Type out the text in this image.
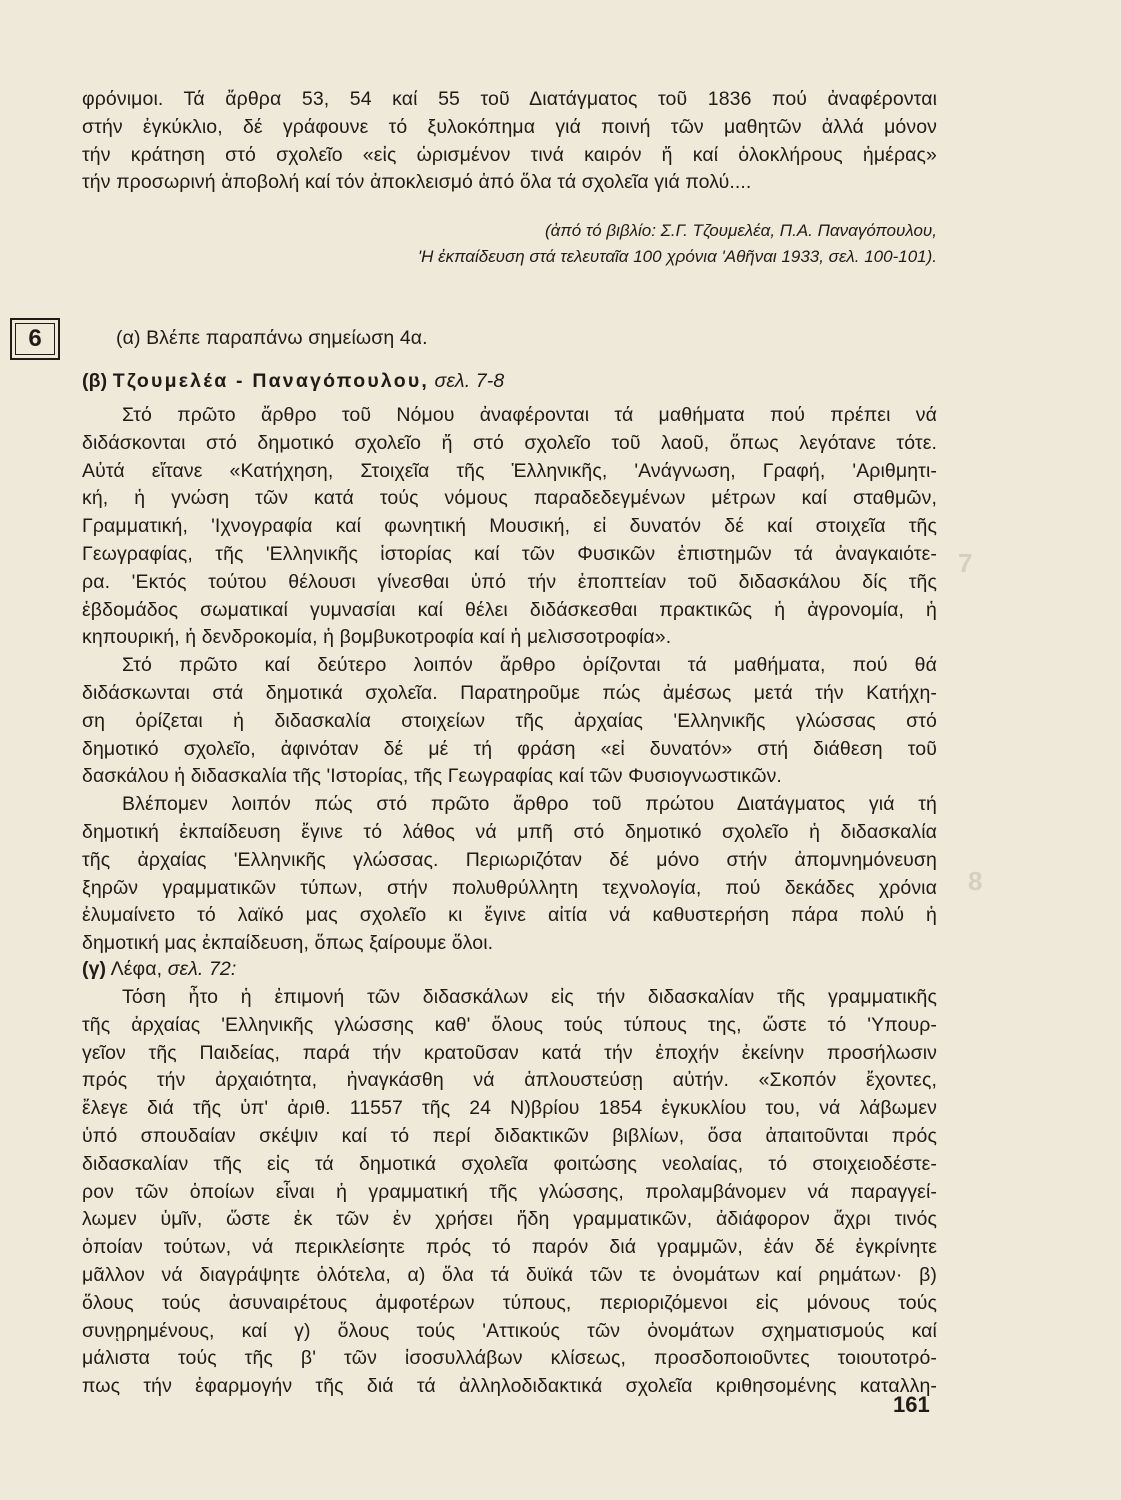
7
8
φρόνιμοι. Τά ἄρθρα 53, 54 καί 55 τοῦ Διατάγματος τοῦ 1836 πού ἀναφέρονται
στήν ἐγκύκλιο, δέ γράφουνε τό ξυλοκόπημα γιά ποινή τῶν μαθητῶν ἀλλά μόνον
τήν κράτηση στό σχολεῖο «εἰς ὡρισμένον τινά καιρόν ἤ καί ὁλοκλήρους ἡμέρας»
τήν προσωρινή ἀποβολή καί τόν ἀποκλεισμό ἀπό ὅλα τά σχολεῖα γιά πολύ....
(ἀπό τό βιβλίο: Σ.Γ. Τζουμελέα, Π.Α. Παναγόπουλου,
'Η ἐκπαίδευση στά τελευταῖα 100 χρόνια 'Αθῆναι 1933, σελ. 100-101).
6	(α) Βλέπε παραπάνω σημείωση 4α.
(β) Τζουμελέα - Παναγόπουλου, σελ. 7-8
Στό πρῶτο ἄρθρο τοῦ Νόμου ἀναφέρονται τά μαθήματα πού πρέπει νά
διδάσκονται στό δημοτικό σχολεῖο ἤ στό σχολεῖο τοῦ λαοῦ, ὅπως λεγότανε τότε.
Αὐτά εἴτανε «Κατήχηση, Στοιχεῖα τῆς Ἑλληνικῆς, 'Ανάγνωση, Γραφή, 'Αριθμητι-
κή, ἡ γνώση τῶν κατά τούς νόμους παραδεδεγμένων μέτρων καί σταθμῶν,
Γραμματική, 'Ιχνογραφία καί φωνητική Μουσική, εἰ δυνατόν δέ καί στοιχεῖα τῆς
Γεωγραφίας, τῆς 'Ελληνικῆς ἱστορίας καί τῶν Φυσικῶν ἐπιστημῶν τά ἀναγκαιότε-
ρα. 'Εκτός τούτου θέλουσι γίνεσθαι ὑπό τήν ἐποπτείαν τοῦ διδασκάλου δίς τῆς
ἑβδομάδος σωματικαί γυμνασίαι καί θέλει διδάσκεσθαι πρακτικῶς ἡ ἀγρονομία, ἡ
κηπουρική, ἡ δενδροκομία, ἡ βομβυκοτροφία καί ἡ μελισσοτροφία».
Στό πρῶτο καί δεύτερο λοιπόν ἄρθρο ὁρίζονται τά μαθήματα, πού θά
διδάσκωνται στά δημοτικά σχολεῖα. Παρατηροῦμε πώς ἀμέσως μετά τήν Κατήχη-
ση ὁρίζεται ἡ διδασκαλία στοιχείων τῆς ἀρχαίας 'Ελληνικῆς γλώσσας στό
δημοτικό σχολεῖο, ἀφινόταν δέ μέ τή φράση «εἰ δυνατόν» στή διάθεση τοῦ
δασκάλου ἡ διδασκαλία τῆς 'Ιστορίας, τῆς Γεωγραφίας καί τῶν Φυσιογνωστικῶν.
Βλέπομεν λοιπόν πώς στό πρῶτο ἄρθρο τοῦ πρώτου Διατάγματος γιά τή
δημοτική ἐκπαίδευση ἔγινε τό λάθος νά μπῆ στό δημοτικό σχολεῖο ἡ διδασκαλία
τῆς ἀρχαίας 'Ελληνικῆς γλώσσας. Περιωριζόταν δέ μόνο στήν ἀπομνημόνευση
ξηρῶν γραμματικῶν τύπων, στήν πολυθρύλλητη τεχνολογία, πού δεκάδες χρόνια
ἐλυμαίνετο τό λαϊκό μας σχολεῖο κι ἔγινε αἰτία νά καθυστερήση πάρα πολύ ἡ
δημοτική μας ἐκπαίδευση, ὅπως ξαίρουμε ὅλοι.
(γ) Λέφα, σελ. 72:
Τόση ἦτο ἡ ἐπιμονή τῶν διδασκάλων εἰς τήν διδασκαλίαν τῆς γραμματικῆς
τῆς ἀρχαίας 'Ελληνικῆς γλώσσης καθ' ὅλους τούς τύπους της, ὥστε τό 'Υπουρ-
γεῖον τῆς Παιδείας, παρά τήν κρατοῦσαν κατά τήν ἐποχήν ἐκείνην προσήλωσιν
πρός τήν ἀρχαιότητα, ἠναγκάσθη νά ἁπλουστεύσῃ αὐτήν. «Σκοπόν ἔχοντες,
ἔλεγε διά τῆς ὑπ' ἀριθ. 11557 τῆς 24 Ν)βρίου 1854 ἐγκυκλίου του, νά λάβωμεν
ὑπό σπουδαίαν σκέψιν καί τό περί διδακτικῶν βιβλίων, ὅσα ἀπαιτοῦνται πρός
διδασκαλίαν τῆς εἰς τά δημοτικά σχολεῖα φοιτώσης νεολαίας, τό στοιχειοδέστε-
ρον τῶν ὁποίων εἶναι ἡ γραμματική τῆς γλώσσης, προλαμβάνομεν νά παραγγεί-
λωμεν ὑμῖν, ὥστε ἐκ τῶν ἐν χρήσει ἤδη γραμματικῶν, ἀδιάφορον ἄχρι τινός
ὁποίαν τούτων, νά περικλείσητε πρός τό παρόν διά γραμμῶν, ἐάν δέ ἐγκρίνητε
μᾶλλον νά διαγράψητε ὁλότελα, α) ὅλα τά δυϊκά τῶν τε ὀνομάτων καί ρημάτων· β)
ὅλους τούς ἀσυναιρέτους ἀμφοτέρων τύπους, περιοριζόμενοι εἰς μόνους τούς
συνῃρημένους, καί γ) ὅλους τούς 'Αττικούς τῶν ὀνομάτων σχηματισμούς καί
μάλιστα τούς τῆς β' τῶν ἰσοσυλλάβων κλίσεως, προσδοποιοῦντες τοιουτοτρό-
πως τήν ἐφαρμογήν τῆς διά τά ἀλληλοδιδακτικά σχολεῖα κριθησομένης καταλλη-
161
